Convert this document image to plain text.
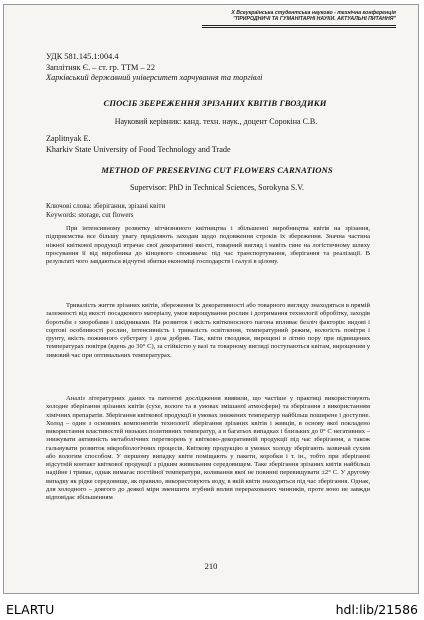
Х Всеукраїнська студентська науково - технічна конференція
"ПРИРОДНИЧІ ТА ГУМАНІТАРНІ НАУКИ. АКТУАЛЬНІ ПИТАННЯ"
УДК 581.145.1:004.4
Заплітняк Є. – ст. гр. ТТМ – 22
Харківський державний університет харчування та торгівлі
СПОСІБ ЗБЕРЕЖЕННЯ ЗРІЗАНИХ КВІТІВ ГВОЗДИКИ
Науковий керівник: канд. техн. наук., доцент Сорокіна С.В.
Zaplitnyak E.
Kharkiv State University of Food Technology and Trade
METHOD OF PRESERVING CUT FLOWERS CARNATIONS
Supervisor: PhD in Technical Sciences, Sorokyna S.V.
Ключові слова: зберігання, зрізані квіти
Keywords: storage, cut flowers
При інтенсивному розвитку вітчизняного квітництва і збільшенні виробництва квітів на зрізання, підприємства все більшу увагу приділяють заходам щодо подовження строків їх збереження. Значна частина ніжної квіткової продукції втрачає свої декоративні якості, товарний вигляд і навіть гине на логістичному шляху просування її від виробника до кінцевого споживача: під час транспортування, зберігання та реалізації. В результаті чого завдаються відчутні збитки економіці господарств і галузі в цілому.
Тривалість життя зрізаних квітів, збереження їх декоративності або товарного вигляду знаходяться в прямій залежності від якості посадкового матеріалу, умов вирощування рослин і дотримання технології обробітку, заходів боротьби з хворобами і шкідниками. На розвиток і якість квітконосного пагона впливає безліч факторів: видові і сортові особливості рослин, інтенсивність і тривалість освітлення, температурний режим, вологість повітря і ґрунту, якість поживного субстрату і доза добрив. Так, квіти гвоздики, вирощені в літню пору при підвищених температурах повітря (вдень до 30° С), за стійкістю у вазі та товарному вигляді поступаються квітам, вирощеним у зимовий час при оптимальних температурах.
Аналіз літературних даних та патентні дослідження виявили, що частіше у практиці використовують холодне зберігання зрізаних квітів (сухе, вологе та в умовах змішаної атмосфери) та зберігання з використанням хімічних препаратів. Зберігання квіткової продукції в умовах знижених температур найбільш поширене і доступне. Холод – один з основних компонентів технології зберігання зрізаних квітів і живців, в основу якої покладено використання властивостей низьких позитивних температур, а в багатьох випадках і близьких до 0° С негативних – знижувати активність метаболічних перетворень у квітково-декоративній продукції під час зберігання, а також гальмувати розвиток мікробіологічних процесів. Квіткову продукцію в умовах холоду зберігають зазвичай сухим або вологим способом. У першому випадку квіти поміщають у пакети, коробки і т. ін., тобто при зберіганні відсутній контакт квіткової продукції з рідким живильним середовищем. Таке зберігання зрізаних квітів найбільш надійне і триває, однак вимагає постійної температури, коливання якої не повинні перевищувати ±2° С. У другому випадку як рідке середовище, як правило, використовують воду, в якій квіти знаходяться під час зберігання. Однак, для холодного – довгого до деякої міри зменшити згубний вплив перерахованих чинників, проте воно не завжди відповідає збільшенням
210
ELARTU	hdl:lib/21586
